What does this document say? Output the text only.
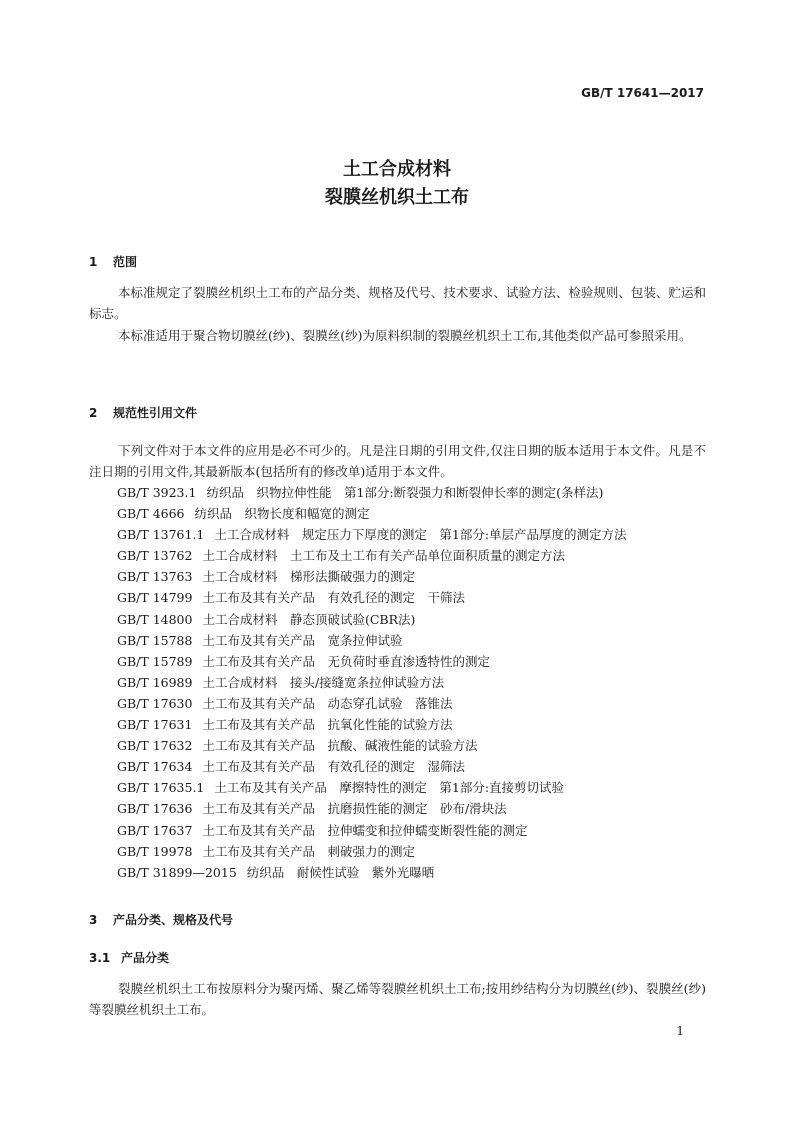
GB/T 17641—2017
土工合成材料
裂膜丝机织土工布
1 范围

本标准规定了裂膜丝机织土工布的产品分类、规格及代号、技术要求、试验方法、检验规则、包装、贮运和标志。

本标准适用于聚合物切膜丝(纱)、裂膜丝(纱)为原料织制的裂膜丝机织土工布,其他类似产品可参照采用。

2 规范性引用文件

下列文件对于本文件的应用是必不可少的。凡是注日期的引用文件,仅注日期的版本适用于本文件。凡是不注日期的引用文件,其最新版本(包括所有的修改单)适用于本文件。

GB/T 3923.1 纺织品　织物拉伸性能　第1部分:断裂强力和断裂伸长率的测定(条样法)
GB/T 4666 纺织品　织物长度和幅宽的测定
GB/T 13761.1 土工合成材料　规定压力下厚度的测定　第1部分:单层产品厚度的测定方法
GB/T 13762 土工合成材料　土工布及土工布有关产品单位面积质量的测定方法
GB/T 13763 土工合成材料　梯形法撕破强力的测定
GB/T 14799 土工布及其有关产品　有效孔径的测定　干筛法
GB/T 14800 土工合成材料　静态顶破试验(CBR法)
GB/T 15788 土工布及其有关产品　宽条拉伸试验
GB/T 15789 土工布及其有关产品　无负荷时垂直渗透特性的测定
GB/T 16989 土工合成材料　接头/接缝宽条拉伸试验方法
GB/T 17630 土工布及其有关产品　动态穿孔试验　落锥法
GB/T 17631 土工布及其有关产品　抗氧化性能的试验方法
GB/T 17632 土工布及其有关产品　抗酸、碱液性能的试验方法
GB/T 17634 土工布及其有关产品　有效孔径的测定　湿筛法
GB/T 17635.1 土工布及其有关产品　摩擦特性的测定　第1部分:直接剪切试验
GB/T 17636 土工布及其有关产品　抗磨损性能的测定　砂布/滑块法
GB/T 17637 土工布及其有关产品　拉伸蠕变和拉伸蠕变断裂性能的测定
GB/T 19978 土工布及其有关产品　刺破强力的测定
GB/T 31899—2015 纺织品　耐候性试验　紫外光曝晒
3 产品分类、规格及代号
3.1 产品分类

裂膜丝机织土工布按原料分为聚丙烯、聚乙烯等裂膜丝机织土工布;按用纱结构分为切膜丝(纱)、裂膜丝(纱)等裂膜丝机织土工布。

1
